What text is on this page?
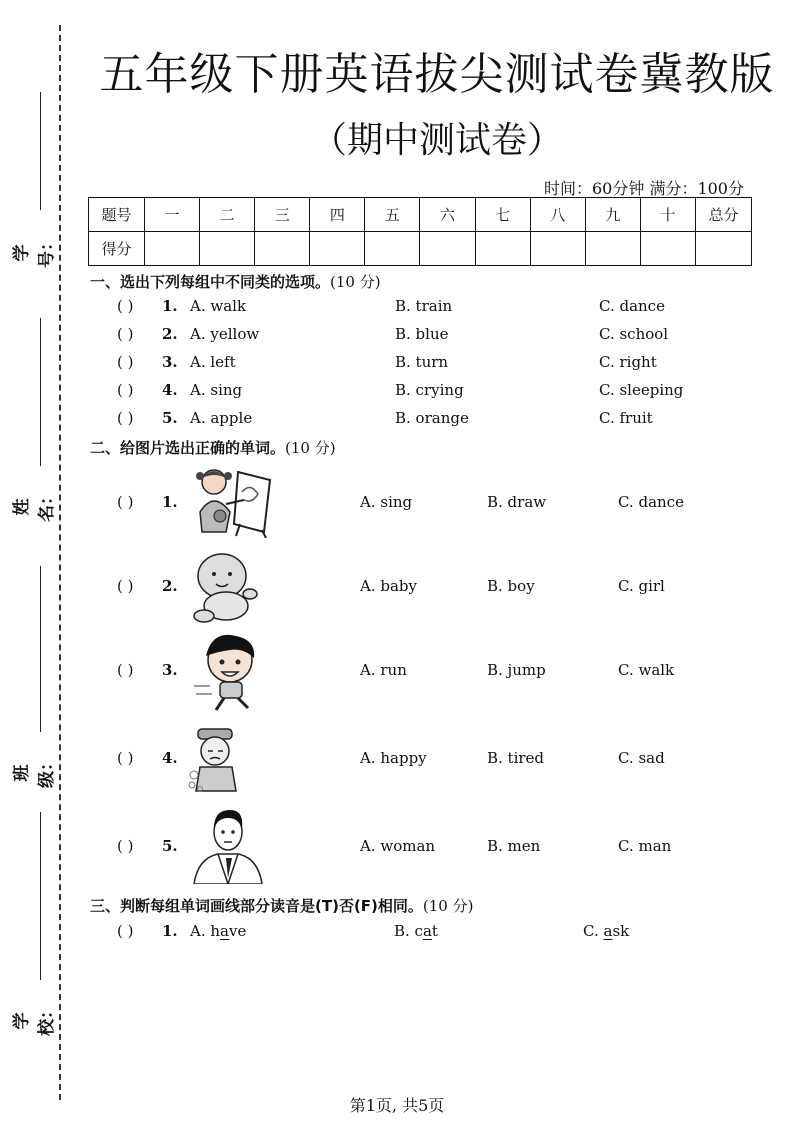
学号：
姓名：
班级：
学校：
五年级下册英语拔尖测试卷冀教版
（期中测试卷）
时间：60分钟 满分：100分
题号	一	二	三	四	五	六	七	八	九	十	总分
得分											
一、选出下列每组中不同类的选项。(10 分)
( ) 1. A. walk	B. train	C. dance
( ) 2. A. yellow	B. blue	C. school
( ) 3. A. left	B. turn	C. right
( ) 4. A. sing	B. crying	C. sleeping
( ) 5. A. apple	B. orange	C. fruit
二、给图片选出正确的单词。(10 分)
( ) 1.	A. sing	B. draw	C. dance
( ) 2.	A. baby	B. boy	C. girl
( ) 3.	A. run	B. jump	C. walk
( ) 4.	A. happy	B. tired	C. sad
( ) 5.	A. woman	B. men	C. man
三、判断每组单词画线部分读音是(T)否(F)相同。(10 分)
( ) 1. A. have	B. cat	C. ask
第1页, 共5页
